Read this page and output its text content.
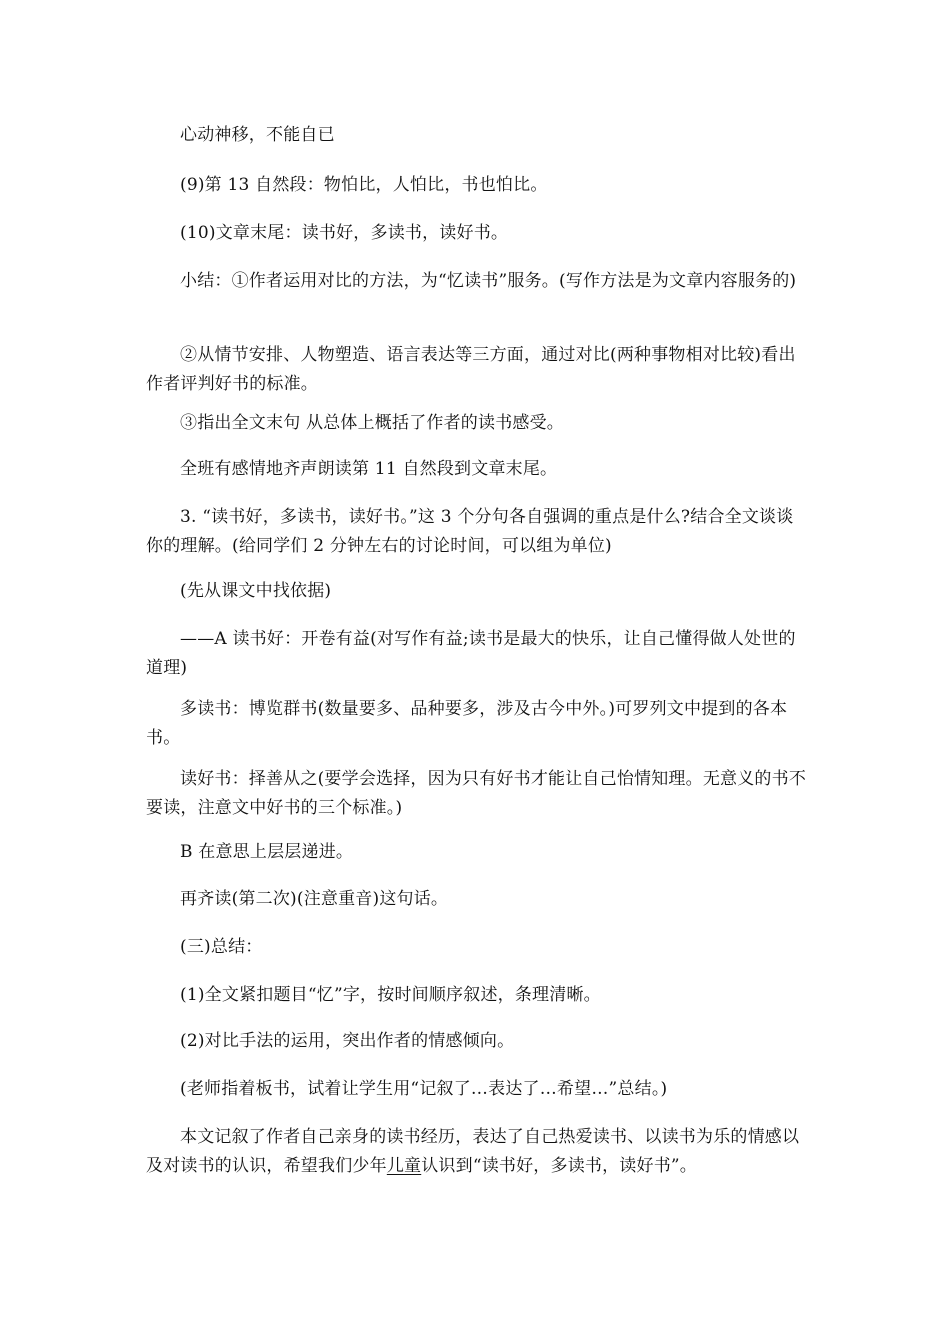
心动神移，不能自已
(9)第 13 自然段：物怕比，人怕比，书也怕比。
(10)文章末尾：读书好，多读书，读好书。
小结：①作者运用对比的方法，为“忆读书”服务。(写作方法是为文章内容服务的)
②从情节安排、人物塑造、语言表达等三方面，通过对比(两种事物相对比较)看出作者评判好书的标准。
③指出全文末句 从总体上概括了作者的读书感受。
全班有感情地齐声朗读第 11 自然段到文章末尾。
3. “读书好，多读书，读好书。”这 3 个分句各自强调的重点是什么?结合全文谈谈你的理解。(给同学们 2 分钟左右的讨论时间，可以组为单位)
(先从课文中找依据)
——A 读书好：开卷有益(对写作有益;读书是最大的快乐，让自己懂得做人处世的道理)
多读书：博览群书(数量要多、品种要多，涉及古今中外。)可罗列文中提到的各本书。
读好书：择善从之(要学会选择，因为只有好书才能让自己怡情知理。无意义的书不要读，注意文中好书的三个标准。)
B 在意思上层层递进。
再齐读(第二次)(注意重音)这句话。
(三)总结：
(1)全文紧扣题目“忆”字，按时间顺序叙述，条理清晰。
(2)对比手法的运用，突出作者的情感倾向。
(老师指着板书，试着让学生用“记叙了…表达了…希望…”总结。)
本文记叙了作者自己亲身的读书经历，表达了自己热爱读书、以读书为乐的情感以及对读书的认识，希望我们少年儿童认识到“读书好，多读书，读好书”。
